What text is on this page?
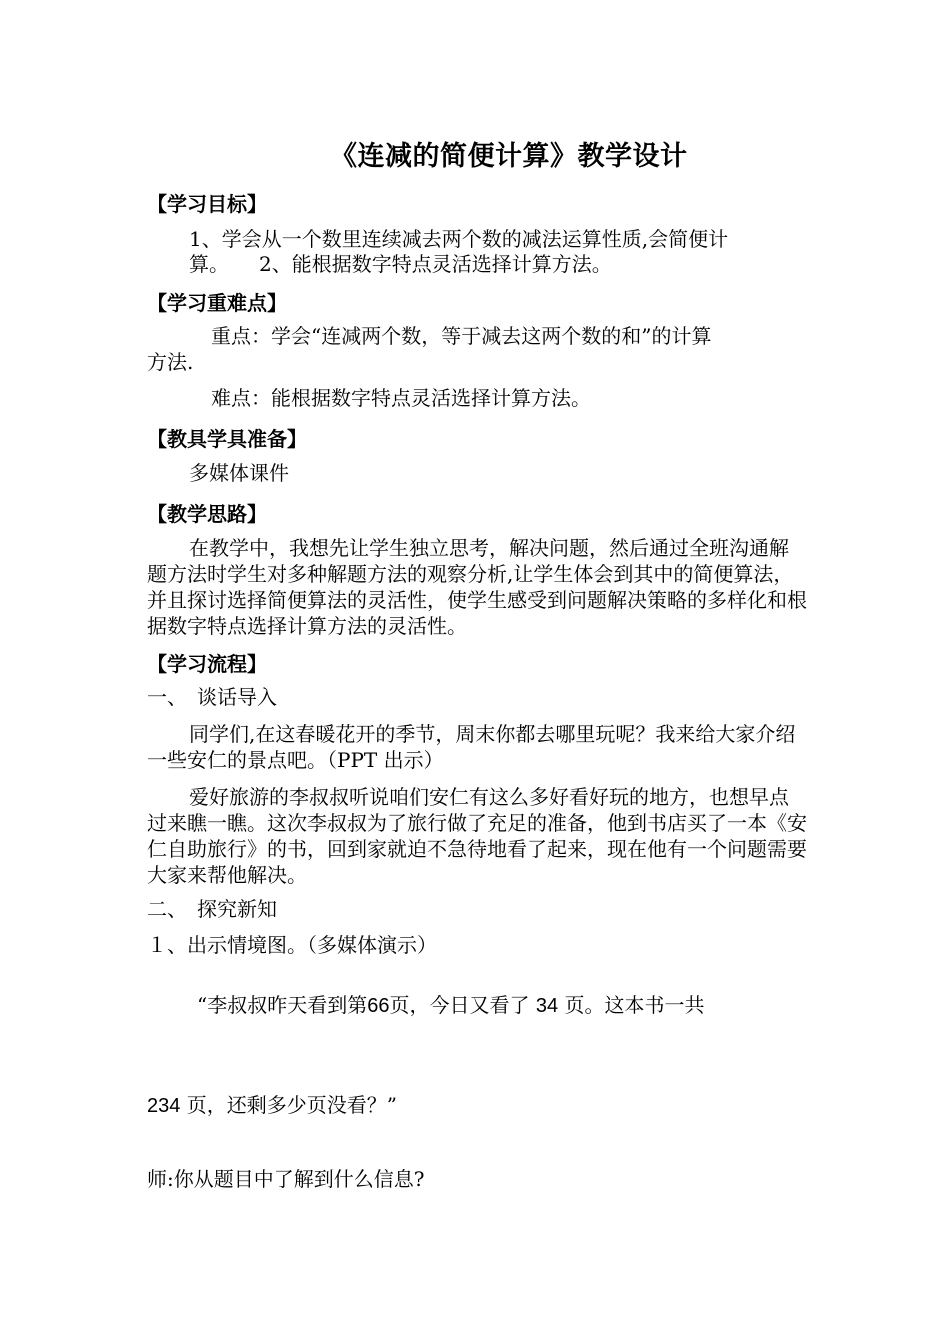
《连减的简便计算》教学设计
【学习目标】
1、学会从一个数里连续减去两个数的减法运算性质,会简便计
算。　　2、能根据数字特点灵活选择计算方法。
【学习重难点】
重点：学会“连减两个数，等于减去这两个数的和”的计算
方法.
难点：能根据数字特点灵活选择计算方法。
【教具学具准备】
多媒体课件
【教学思路】
在教学中，我想先让学生独立思考，解决问题，然后通过全班沟通解题方法时学生对多种解题方法的观察分析,让学生体会到其中的简便算法，并且探讨选择简便算法的灵活性，使学生感受到问题解决策略的多样化和根据数字特点选择计算方法的灵活性。
【学习流程】
一、　谈话导入
同学们,在这春暖花开的季节，周末你都去哪里玩呢？我来给大家介绍一些安仁的景点吧。（PPT 出示）
爱好旅游的李叔叔听说咱们安仁有这么多好看好玩的地方，也想早点过来瞧一瞧。这次李叔叔为了旅行做了充足的准备，他到书店买了一本《安仁自助旅行》的书，回到家就迫不急待地看了起来，现在他有一个问题需要大家来帮他解决。
二、　探究新知
１、出示情境图。（多媒体演示）
“李叔叔昨天看到第66页，今日又看了 34 页。这本书一共
234 页，还剩多少页没看？”
师:你从题目中了解到什么信息?
